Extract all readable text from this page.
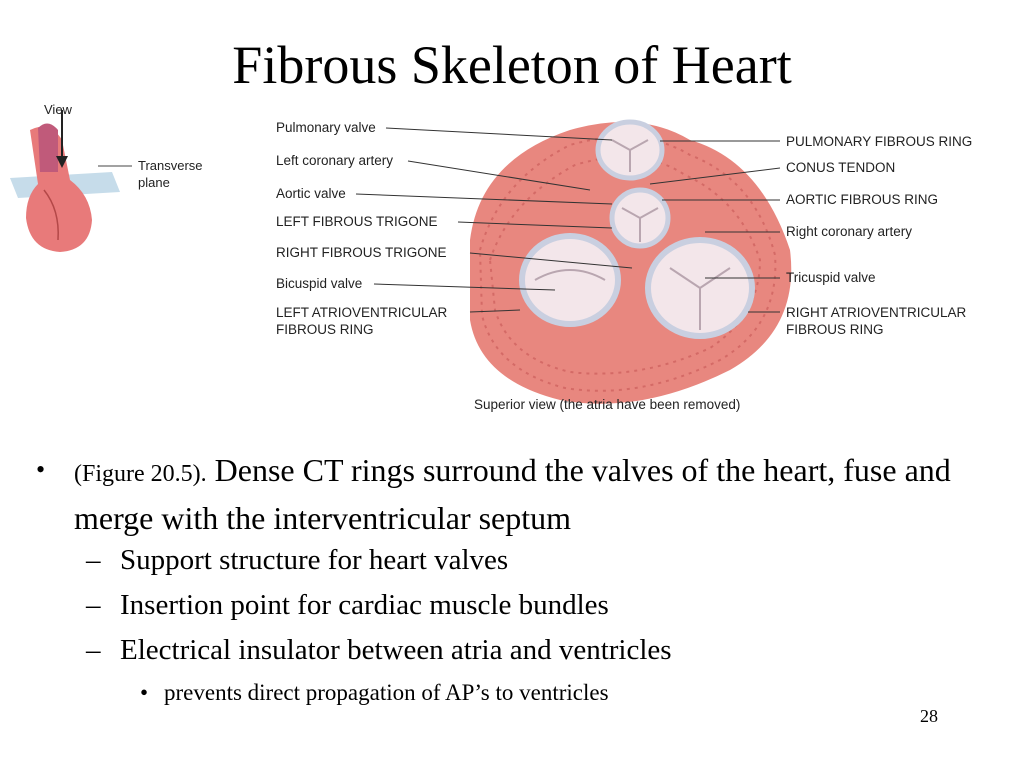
Fibrous Skeleton of Heart
View
Transverse
plane
Pulmonary valve
Left coronary artery
Aortic valve
LEFT FIBROUS TRIGONE
RIGHT FIBROUS TRIGONE
Bicuspid valve
LEFT ATRIOVENTRICULAR
FIBROUS RING
PULMONARY FIBROUS RING
CONUS TENDON
AORTIC FIBROUS RING
Right coronary artery
Tricuspid valve
RIGHT ATRIOVENTRICULAR
FIBROUS RING
Superior view (the atria have been removed)
• (Figure 20.5). Dense CT rings surround the valves of the heart, fuse and merge with the interventricular septum
– Support structure for heart valves
– Insertion point for cardiac muscle bundles
– Electrical insulator between atria and ventricles
• prevents direct propagation of AP’s to ventricles
28
